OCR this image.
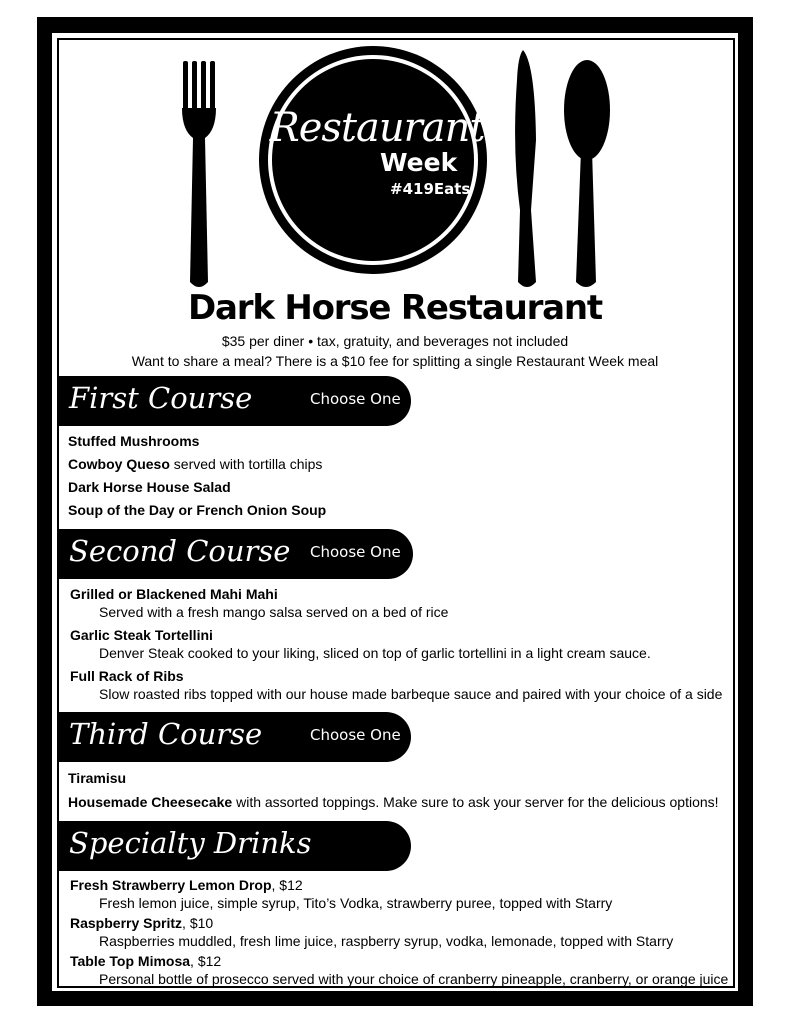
Restaurant
Week
#419Eats
Dark Horse Restaurant
$35 per diner • tax, gratuity, and beverages not included
Want to share a meal? There is a $10 fee for splitting a single Restaurant Week meal
First Course	Choose One
Stuffed Mushrooms
Cowboy Queso served with tortilla chips
Dark Horse House Salad
Soup of the Day or French Onion Soup
Second Course Choose One
Grilled or Blackened Mahi Mahi
Served with a fresh mango salsa served on a bed of rice
Garlic Steak Tortellini
Denver Steak cooked to your liking, sliced on top of garlic tortellini in a light cream sauce.
Full Rack of Ribs
Slow roasted ribs topped with our house made barbeque sauce and paired with your choice of a side
Third Course	Choose One
Tiramisu
Housemade Cheesecake with assorted toppings. Make sure to ask your server for the delicious options!
Specialty Drinks
Fresh Strawberry Lemon Drop, $12
Fresh lemon juice, simple syrup, Tito’s Vodka, strawberry puree, topped with Starry
Raspberry Spritz, $10
Raspberries muddled, fresh lime juice, raspberry syrup, vodka, lemonade, topped with Starry
Table Top Mimosa, $12
Personal bottle of prosecco served with your choice of cranberry pineapple, cranberry, or orange juice
